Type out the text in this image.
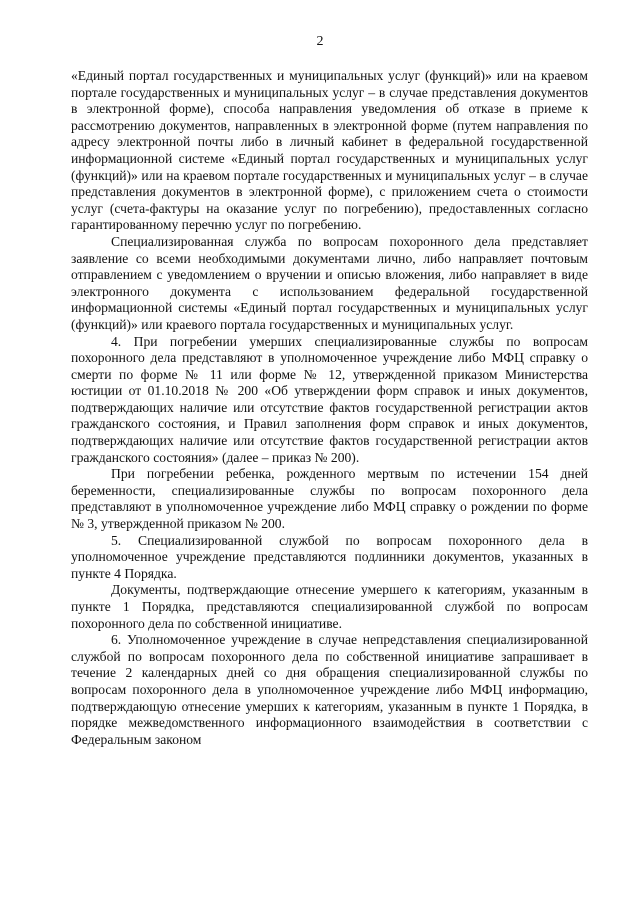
2

«Единый портал государственных и муниципальных услуг (функций)» или на краевом портале государственных и муниципальных услуг – в случае представления документов в электронной форме), способа направления уведомления об отказе в приеме к рассмотрению документов, направленных в электронной форме (путем направления по адресу электронной почты либо в личный кабинет в федеральной государственной информационной системе «Единый портал государственных и муниципальных услуг (функций)» или на краевом портале государственных и муниципальных услуг – в случае представления документов в электронной форме), с приложением счета о стоимости услуг (счета-фактуры на оказание услуг по погребению), предоставленных согласно гарантированному перечню услуг по погребению.

Специализированная служба по вопросам похоронного дела представляет заявление со всеми необходимыми документами лично, либо направляет почтовым отправлением с уведомлением о вручении и описью вложения, либо направляет в виде электронного документа с использованием федеральной государственной информационной системы «Единый портал государственных и муниципальных услуг (функций)» или краевого портала государственных и муниципальных услуг.

4. При погребении умерших специализированные службы по вопросам похоронного дела представляют в уполномоченное учреждение либо МФЦ справку о смерти по форме № 11 или форме № 12, утвержденной приказом Министерства юстиции от 01.10.2018 № 200 «Об утверждении форм справок и иных документов, подтверждающих наличие или отсутствие фактов государственной регистрации актов гражданского состояния, и Правил заполнения форм справок и иных документов, подтверждающих наличие или отсутствие фактов государственной регистрации актов гражданского состояния» (далее – приказ № 200).

При погребении ребенка, рожденного мертвым по истечении 154 дней беременности, специализированные службы по вопросам похоронного дела представляют в уполномоченное учреждение либо МФЦ справку о рождении по форме № 3, утвержденной приказом № 200.

5. Специализированной службой по вопросам похоронного дела в уполномоченное учреждение представляются подлинники документов, указанных в пункте 4 Порядка.

Документы, подтверждающие отнесение умершего к категориям, указанным в пункте 1 Порядка, представляются специализированной службой по вопросам похоронного дела по собственной инициативе.

6. Уполномоченное учреждение в случае непредставления специализированной службой по вопросам похоронного дела по собственной инициативе запрашивает в течение 2 календарных дней со дня обращения специализированной службы по вопросам похоронного дела в уполномоченное учреждение либо МФЦ информацию, подтверждающую отнесение умерших к категориям, указанным в пункте 1 Порядка, в порядке межведомственного информационного взаимодействия в соответствии с Федеральным законом
